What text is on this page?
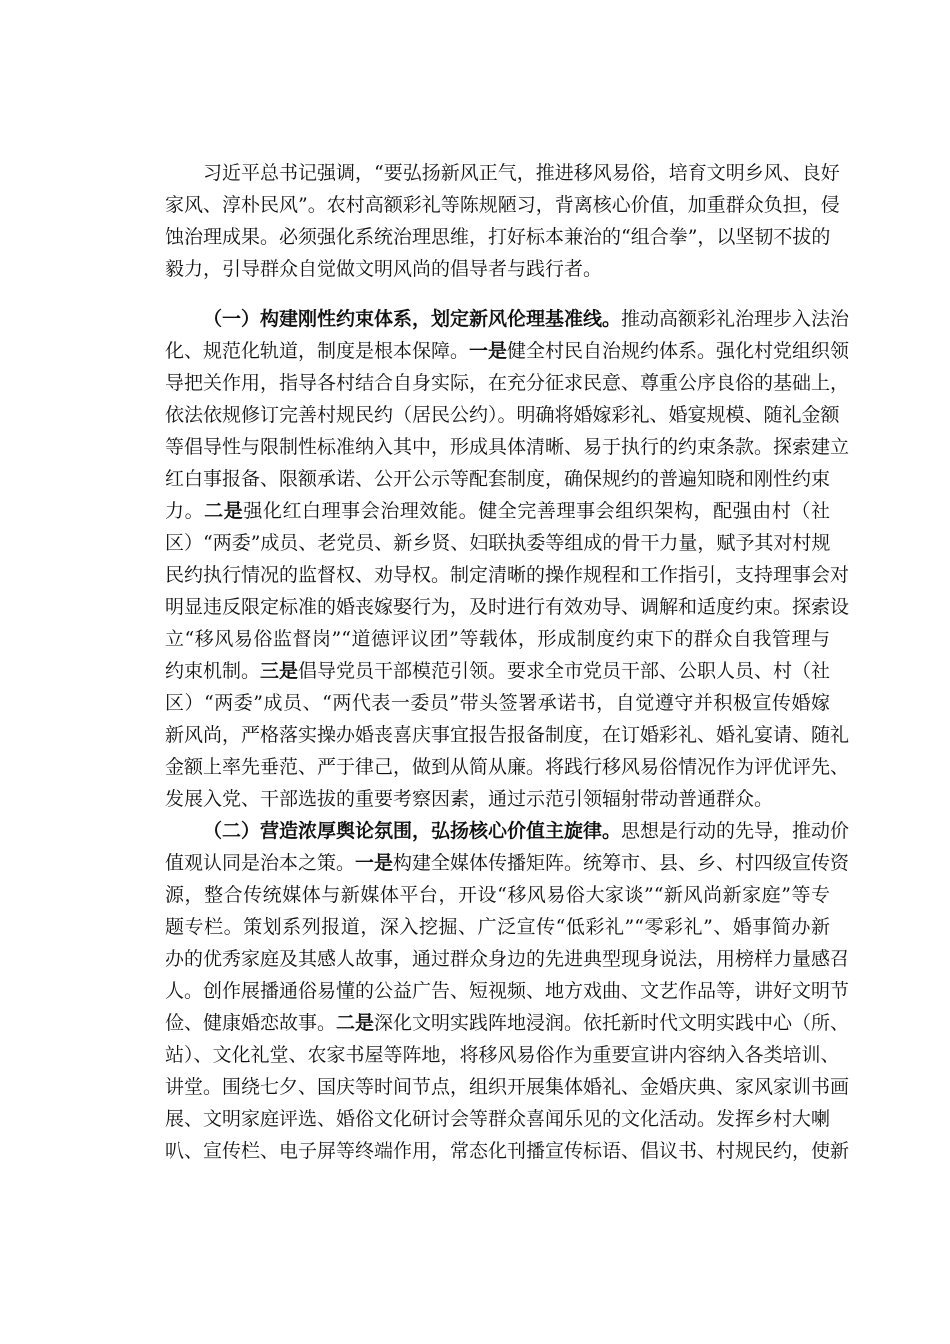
习近平总书记强调，“要弘扬新风正气，推进移风易俗，培育文明乡风、良好
家风、淳朴民风”。农村高额彩礼等陈规陋习，背离核心价值，加重群众负担，侵
蚀治理成果。必须强化系统治理思维，打好标本兼治的“组合拳”，以坚韧不拔的
毅力，引导群众自觉做文明风尚的倡导者与践行者。
（一）构建刚性约束体系，划定新风伦理基准线。推动高额彩礼治理步入法治
化、规范化轨道，制度是根本保障。一是健全村民自治规约体系。强化村党组织领
导把关作用，指导各村结合自身实际，在充分征求民意、尊重公序良俗的基础上，
依法依规修订完善村规民约（居民公约）。明确将婚嫁彩礼、婚宴规模、随礼金额
等倡导性与限制性标准纳入其中，形成具体清晰、易于执行的约束条款。探索建立
红白事报备、限额承诺、公开公示等配套制度，确保规约的普遍知晓和刚性约束
力。二是强化红白理事会治理效能。健全完善理事会组织架构，配强由村（社
区）“两委”成员、老党员、新乡贤、妇联执委等组成的骨干力量，赋予其对村规
民约执行情况的监督权、劝导权。制定清晰的操作规程和工作指引，支持理事会对
明显违反限定标准的婚丧嫁娶行为，及时进行有效劝导、调解和适度约束。探索设
立“移风易俗监督岗”“道德评议团”等载体，形成制度约束下的群众自我管理与
约束机制。三是倡导党员干部模范引领。要求全市党员干部、公职人员、村（社
区）“两委”成员、“两代表一委员”带头签署承诺书，自觉遵守并积极宣传婚嫁
新风尚，严格落实操办婚丧喜庆事宜报告报备制度，在订婚彩礼、婚礼宴请、随礼
金额上率先垂范、严于律己，做到从简从廉。将践行移风易俗情况作为评优评先、
发展入党、干部选拔的重要考察因素，通过示范引领辐射带动普通群众。
（二）营造浓厚舆论氛围，弘扬核心价值主旋律。思想是行动的先导，推动价
值观认同是治本之策。一是构建全媒体传播矩阵。统筹市、县、乡、村四级宣传资
源，整合传统媒体与新媒体平台，开设“移风易俗大家谈”“新风尚新家庭”等专
题专栏。策划系列报道，深入挖掘、广泛宣传“低彩礼”“零彩礼”、婚事简办新
办的优秀家庭及其感人故事，通过群众身边的先进典型现身说法，用榜样力量感召
人。创作展播通俗易懂的公益广告、短视频、地方戏曲、文艺作品等，讲好文明节
俭、健康婚恋故事。二是深化文明实践阵地浸润。依托新时代文明实践中心（所、
站）、文化礼堂、农家书屋等阵地，将移风易俗作为重要宣讲内容纳入各类培训、
讲堂。围绕七夕、国庆等时间节点，组织开展集体婚礼、金婚庆典、家风家训书画
展、文明家庭评选、婚俗文化研讨会等群众喜闻乐见的文化活动。发挥乡村大喇
叭、宣传栏、电子屏等终端作用，常态化刊播宣传标语、倡议书、村规民约，使新
